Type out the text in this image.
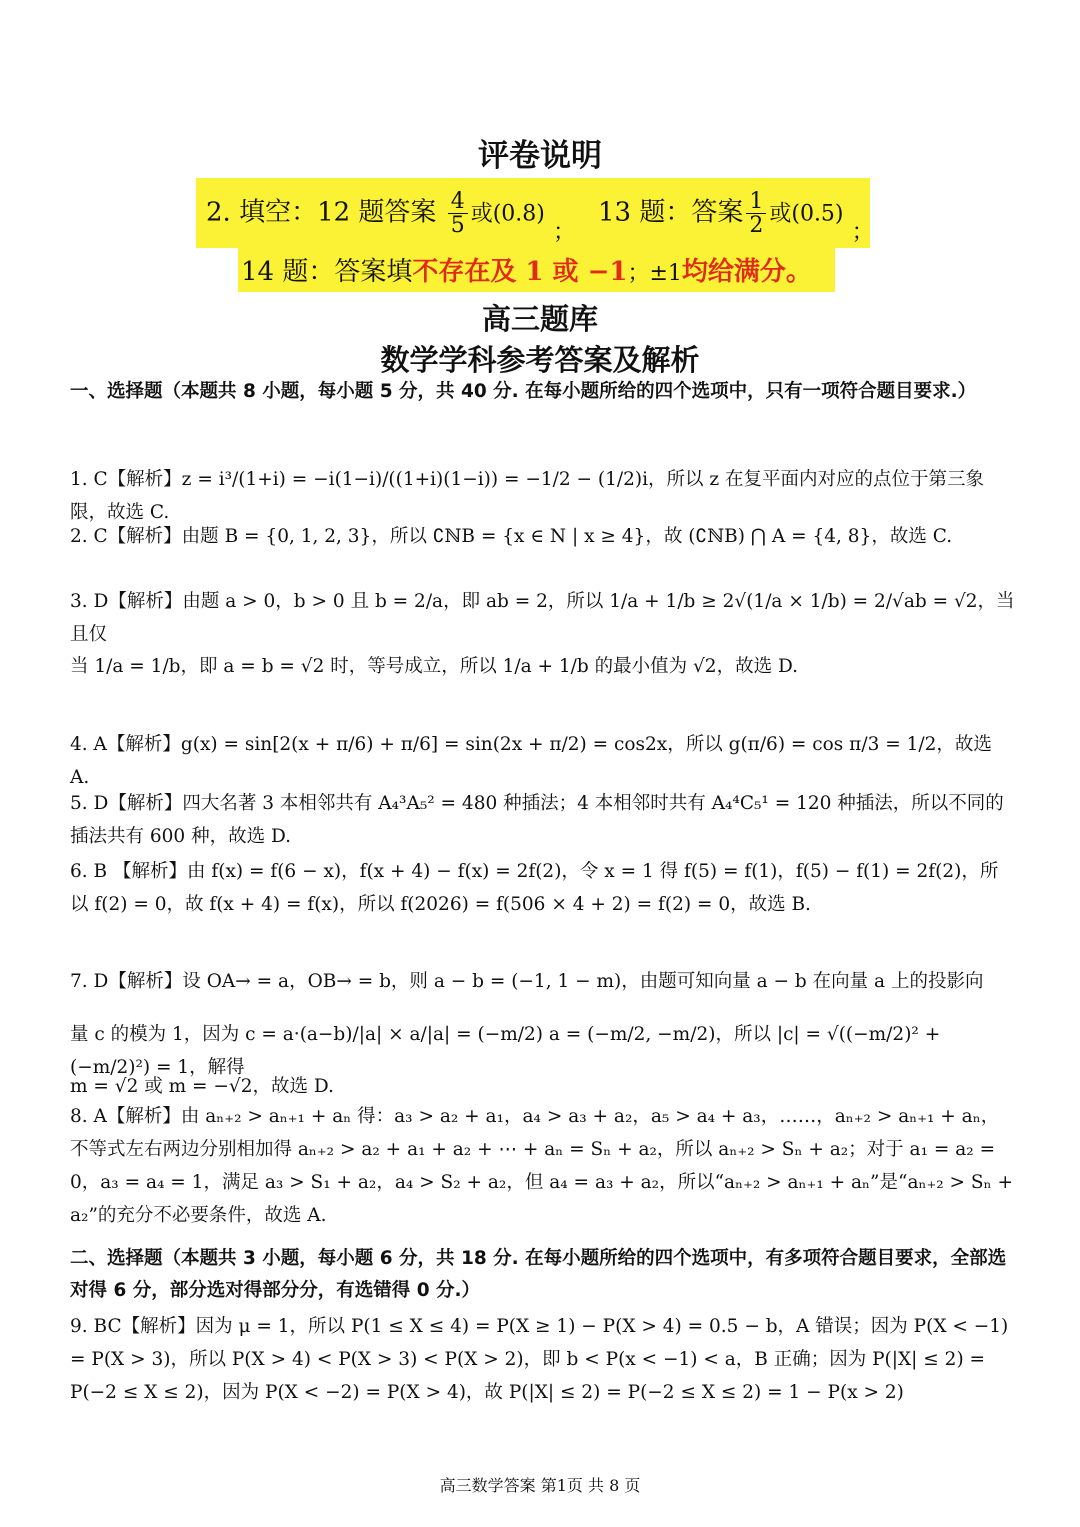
评卷说明
2. 填空：12 题答案 $\frac{4}{5}$ 或(0.8) $_;$
13 题：答案 $\frac{1}{2}$ 或(0.5) $_;$
14 题：答案填不存在及 1 或 −1；±1均给满分。
高三题库
数学学科参考答案及解析
一、选择题（本题共 8 小题，每小题 5 分，共 40 分. 在每小题所给的四个选项中，只有一项符合题目要求.）
1. C【解析】z = i³/(1+i) = −i(1−i)/((1+i)(1−i)) = −1/2 − (1/2)i，所以 z 在复平面内对应的点位于第三象限，故选 C.
2. C【解析】由题 B = {0, 1, 2, 3}，所以 ∁ℕB = {x ∈ N | x ≥ 4}，故 (∁ℕB) ⋂ A = {4, 8}，故选 C.
3. D【解析】由题 a > 0，b > 0 且 b = 2/a，即 ab = 2，所以 1/a + 1/b ≥ 2√(1/a × 1/b) = 2/√ab = √2，当且仅
当 1/a = 1/b，即 a = b = √2 时，等号成立，所以 1/a + 1/b 的最小值为 √2，故选 D.
4. A【解析】g(x) = sin[2(x + π/6) + π/6] = sin(2x + π/2) = cos2x，所以 g(π/6) = cos π/3 = 1/2，故选 A.
5. D【解析】四大名著 3 本相邻共有 A₄³A₅² = 480 种插法；4 本相邻时共有 A₄⁴C₅¹ = 120 种插法，所以不同的插法共有 600 种，故选 D.
6. B 【解析】由 f(x) = f(6 − x)，f(x + 4) − f(x) = 2f(2)，令 x = 1 得 f(5) = f(1)，f(5) − f(1) = 2f(2)，所以 f(2) = 0，故 f(x + 4) = f(x)，所以 f(2026) = f(506 × 4 + 2) = f(2) = 0，故选 B.
7. D【解析】设 OA→ = a，OB→ = b，则 a − b = (−1, 1 − m)，由题可知向量 a − b 在向量 a 上的投影向
量 c 的模为 1，因为 c = a·(a−b)/|a| × a/|a| = (−m/2) a = (−m/2, −m/2)，所以 |c| = √((−m/2)² + (−m/2)²) = 1，解得
m = √2 或 m = −√2，故选 D.
8. A【解析】由 aₙ₊₂ > aₙ₊₁ + aₙ 得：a₃ > a₂ + a₁，a₄ > a₃ + a₂，a₅ > a₄ + a₃，……，aₙ₊₂ > aₙ₊₁ + aₙ，不等式左右两边分别相加得 aₙ₊₂ > a₂ + a₁ + a₂ + ⋯ + aₙ = Sₙ + a₂，所以 aₙ₊₂ > Sₙ + a₂；对于 a₁ = a₂ = 0，a₃ = a₄ = 1，满足 a₃ > S₁ + a₂，a₄ > S₂ + a₂，但 a₄ = a₃ + a₂，所以“aₙ₊₂ > aₙ₊₁ + aₙ”是“aₙ₊₂ > Sₙ + a₂”的充分不必要条件，故选 A.
二、选择题（本题共 3 小题，每小题 6 分，共 18 分. 在每小题所给的四个选项中，有多项符合题目要求，全部选对得 6 分，部分选对得部分分，有选错得 0 分.）
9. BC【解析】因为 μ = 1，所以 P(1 ≤ X ≤ 4) = P(X ≥ 1) − P(X > 4) = 0.5 − b，A 错误；因为 P(X < −1) = P(X > 3)，所以 P(X > 4) < P(X > 3) < P(X > 2)，即 b < P(x < −1) < a，B 正确；因为 P(|X| ≤ 2) = P(−2 ≤ X ≤ 2)，因为 P(X < −2) = P(X > 4)，故 P(|X| ≤ 2) = P(−2 ≤ X ≤ 2) = 1 − P(x > 2)
高三数学答案 第1页 共 8 页
